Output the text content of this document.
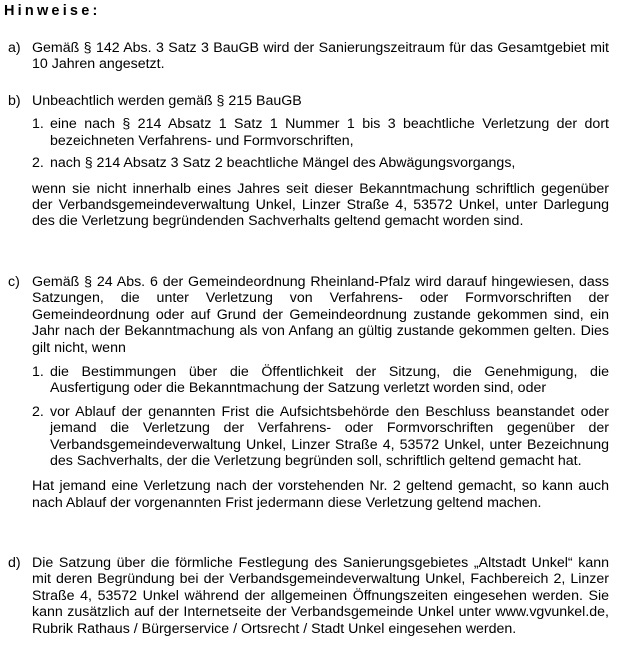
Hinweise:
a) Gemäß § 142 Abs. 3 Satz 3 BauGB wird der Sanierungszeitraum für das Gesamtgebiet mit 10 Jahren angesetzt.
b) Unbeachtlich werden gemäß § 215 BauGB
1. eine nach § 214 Absatz 1 Satz 1 Nummer 1 bis 3 beachtliche Verletzung der dort bezeichneten Verfahrens- und Formvorschriften,
2. nach § 214 Absatz 3 Satz 2 beachtliche Mängel des Abwägungsvorgangs,
wenn sie nicht innerhalb eines Jahres seit dieser Bekanntmachung schriftlich gegenüber der Verbandsgemeindeverwaltung Unkel, Linzer Straße 4, 53572 Unkel, unter Darlegung des die Verletzung begründenden Sachverhalts geltend gemacht worden sind.
c) Gemäß § 24 Abs. 6 der Gemeindeordnung Rheinland-Pfalz wird darauf hingewiesen, dass Satzungen, die unter Verletzung von Verfahrens- oder Formvorschriften der Gemeindeordnung oder auf Grund der Gemeindeordnung zustande gekommen sind, ein Jahr nach der Bekanntmachung als von Anfang an gültig zustande gekommen gelten. Dies gilt nicht, wenn
1. die Bestimmungen über die Öffentlichkeit der Sitzung, die Genehmigung, die Ausfertigung oder die Bekanntmachung der Satzung verletzt worden sind, oder
2. vor Ablauf der genannten Frist die Aufsichtsbehörde den Beschluss beanstandet oder jemand die Verletzung der Verfahrens- oder Formvorschriften gegenüber der Verbandsgemeindeverwaltung Unkel, Linzer Straße 4, 53572 Unkel, unter Bezeichnung des Sachverhalts, der die Verletzung begründen soll, schriftlich geltend gemacht hat.
Hat jemand eine Verletzung nach der vorstehenden Nr. 2 geltend gemacht, so kann auch nach Ablauf der vorgenannten Frist jedermann diese Verletzung geltend machen.
d) Die Satzung über die förmliche Festlegung des Sanierungsgebietes „Altstadt Unkel“ kann mit deren Begründung bei der Verbandsgemeindeverwaltung Unkel, Fachbereich 2, Linzer Straße 4, 53572 Unkel während der allgemeinen Öffnungszeiten eingesehen werden. Sie kann zusätzlich auf der Internetseite der Verbandsgemeinde Unkel unter www.vgvunkel.de, Rubrik Rathaus / Bürgerservice / Ortsrecht / Stadt Unkel eingesehen werden.
